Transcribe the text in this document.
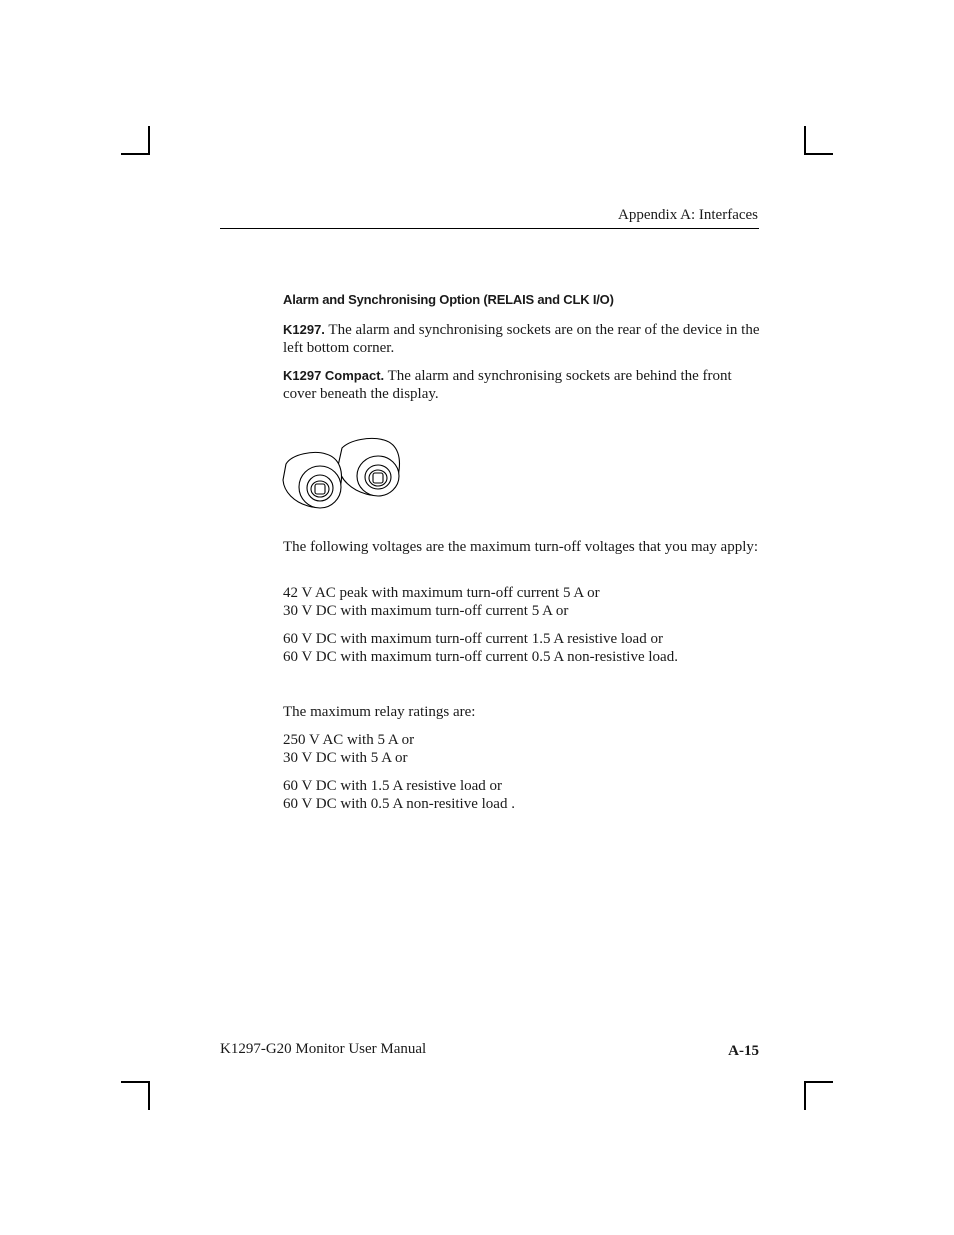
Appendix A: Interfaces
Alarm and Synchronising Option (RELAIS and CLK I/O)

K1297. The alarm and synchronising sockets are on the rear of the device in the left bottom corner.

K1297 Compact. The alarm and synchronising sockets are behind the front cover beneath the display.

The following voltages are the maximum turn-off voltages that you may apply:

42 V AC peak with maximum turn-off current 5 A or

30 V DC with maximum turn-off current 5 A or

60 V DC with maximum turn-off current 1.5 A resistive load or

60 V DC with maximum turn-off current 0.5 A non-resistive load.

The maximum relay ratings are:

250 V AC with 5 A or

30 V DC with 5 A or

60 V DC with 1.5 A resistive load or

60 V DC with 0.5 A non-resitive load .

K1297-G20 Monitor User Manual	A-15
